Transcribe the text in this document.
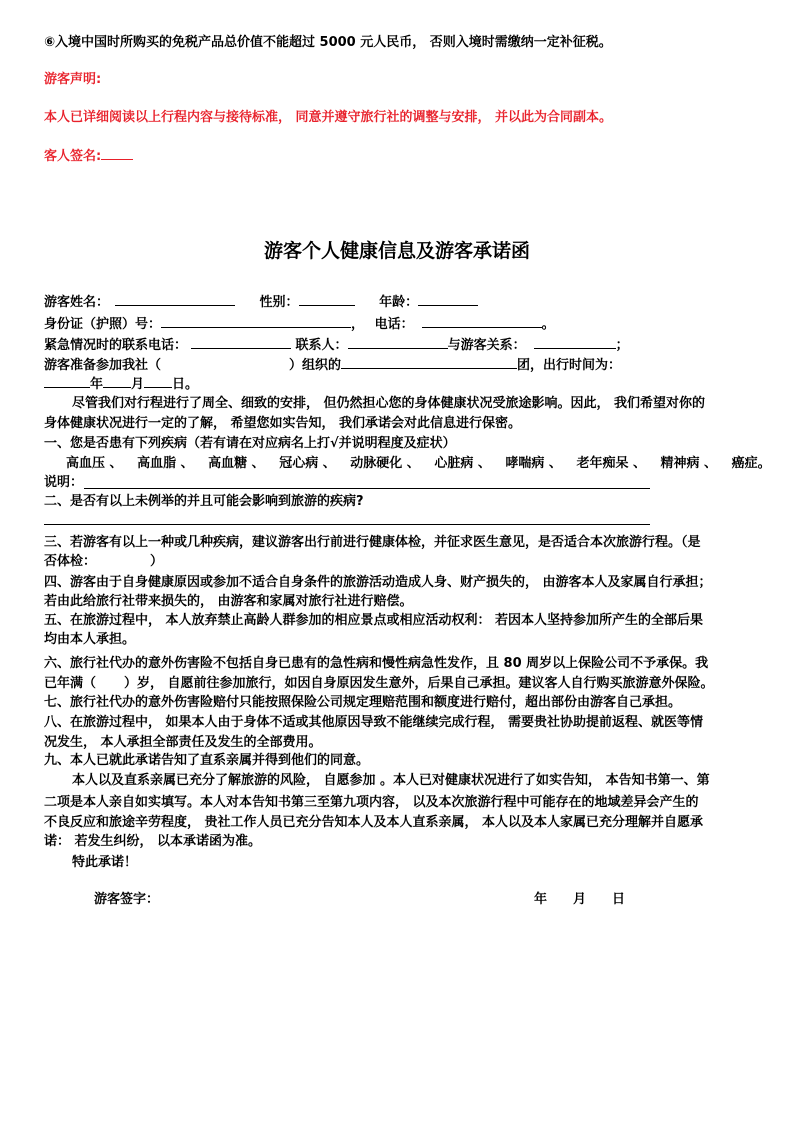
⑥入境中国时所购买的免税产品总价值不能超过 5000 元人民币， 否则入境时需缴纳一定补征税。
游客声明:
本人已详细阅读以上行程内容与接待标准， 同意并遵守旅行社的调整与安排， 并以此为合同副本。
客人签名:
游客个人健康信息及游客承诺函
游客姓名：	性别：	年龄：
身份证（护照）号：	， 电话：	。
紧急情况时的联系电话：	联系人：	与游客关系：	；
游客准备参加我社（	）组织的	团，出行时间为：
年 月 日。
尽管我们对行程进行了周全、细致的安排， 但仍然担心您的身体健康状况受旅途影响。因此， 我们希望对你的
身体健康状况进行一定的了解， 希望您如实告知， 我们承诺会对此信息进行保密。
一、您是否患有下列疾病（若有请在对应病名上打√并说明程度及症状）
高血压 、 高血脂 、 高血糖 、 冠心病 、 动脉硬化 、 心脏病 、 哮喘病 、 老年痴呆 、 精神病 、 癌症。
说明：
二、是否有以上未例举的并且可能会影响到旅游的疾病?
三、若游客有以上一种或几种疾病，建议游客出行前进行健康体检，并征求医生意见，是否适合本次旅游行程。（是
否体检：	）
四、游客由于自身健康原因或参加不适合自身条件的旅游活动造成人身、财产损失的， 由游客本人及家属自行承担；
若由此给旅行社带来损失的， 由游客和家属对旅行社进行赔偿。
五、在旅游过程中， 本人放弃禁止高龄人群参加的相应景点或相应活动权利： 若因本人坚持参加所产生的全部后果
均由本人承担。
六、旅行社代办的意外伤害险不包括自身已患有的急性病和慢性病急性发作，且 80 周岁以上保险公司不予承保。我
已年满（ ）岁， 自愿前往参加旅行，如因自身原因发生意外，后果自己承担。建议客人自行购买旅游意外保险。
七、旅行社代办的意外伤害险赔付只能按照保险公司规定理赔范围和额度进行赔付，超出部份由游客自己承担。
八、在旅游过程中， 如果本人由于身体不适或其他原因导致不能继续完成行程， 需要贵社协助提前返程、就医等情
况发生， 本人承担全部责任及发生的全部费用。
九、本人已就此承诺告知了直系亲属并得到他们的同意。
本人以及直系亲属已充分了解旅游的风险， 自愿参加 。本人已对健康状况进行了如实告知， 本告知书第一、第
二项是本人亲自如实填写。本人对本告知书第三至第九项内容， 以及本次旅游行程中可能存在的地域差异会产生的
不良反应和旅途辛劳程度， 贵社工作人员已充分告知本人及本人直系亲属， 本人以及本人家属已充分理解并自愿承
诺： 若发生纠纷， 以本承诺函为准。
特此承诺！
游客签字：	年　　月　　日
